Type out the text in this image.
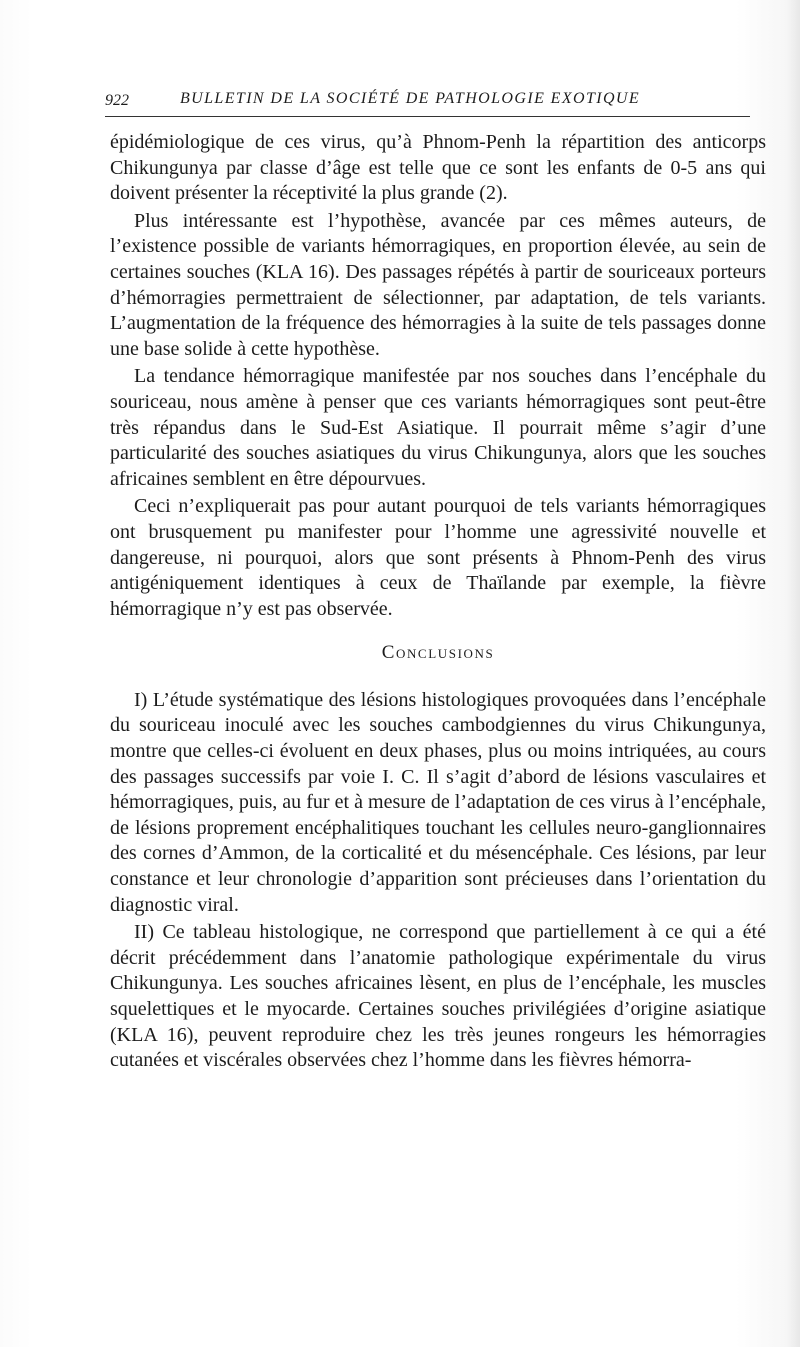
922	BULLETIN DE LA SOCIÉTÉ DE PATHOLOGIE EXOTIQUE

épidémiologique de ces virus, qu’à Phnom-Penh la répartition des anticorps Chikungunya par classe d’âge est telle que ce sont les enfants de 0-5 ans qui doivent présenter la réceptivité la plus grande (2).

Plus intéressante est l’hypothèse, avancée par ces mêmes auteurs, de l’existence possible de variants hémorragiques, en proportion élevée, au sein de certaines souches (KLA 16). Des passages répétés à partir de souriceaux porteurs d’hémorragies permettraient de sélectionner, par adaptation, de tels variants. L’augmentation de la fréquence des hémorragies à la suite de tels passages donne une base solide à cette hypothèse.

La tendance hémorragique manifestée par nos souches dans l’encéphale du souriceau, nous amène à penser que ces variants hémorragiques sont peut-être très répandus dans le Sud-Est Asiatique. Il pourrait même s’agir d’une particularité des souches asiatiques du virus Chikungunya, alors que les souches africaines semblent en être dépourvues.

Ceci n’expliquerait pas pour autant pourquoi de tels variants hémorragiques ont brusquement pu manifester pour l’homme une agressivité nouvelle et dangereuse, ni pourquoi, alors que sont présents à Phnom-Penh des virus antigéniquement identiques à ceux de Thaïlande par exemple, la fièvre hémorragique n’y est pas observée.

Conclusions

I) L’étude systématique des lésions histologiques provoquées dans l’encéphale du souriceau inoculé avec les souches cambodgiennes du virus Chikungunya, montre que celles-ci évoluent en deux phases, plus ou moins intriquées, au cours des passages successifs par voie I. C. Il s’agit d’abord de lésions vasculaires et hémorragiques, puis, au fur et à mesure de l’adaptation de ces virus à l’encéphale, de lésions proprement encéphalitiques touchant les cellules neuro-ganglionnaires des cornes d’Ammon, de la corticalité et du mésencéphale. Ces lésions, par leur constance et leur chronologie d’apparition sont précieuses dans l’orientation du diagnostic viral.

II) Ce tableau histologique, ne correspond que partiellement à ce qui a été décrit précédemment dans l’anatomie pathologique expérimentale du virus Chikungunya. Les souches africaines lèsent, en plus de l’encéphale, les muscles squelettiques et le myocarde. Certaines souches privilégiées d’origine asiatique (KLA 16), peuvent reproduire chez les très jeunes rongeurs les hémorragies cutanées et viscérales observées chez l’homme dans les fièvres hémorra-
